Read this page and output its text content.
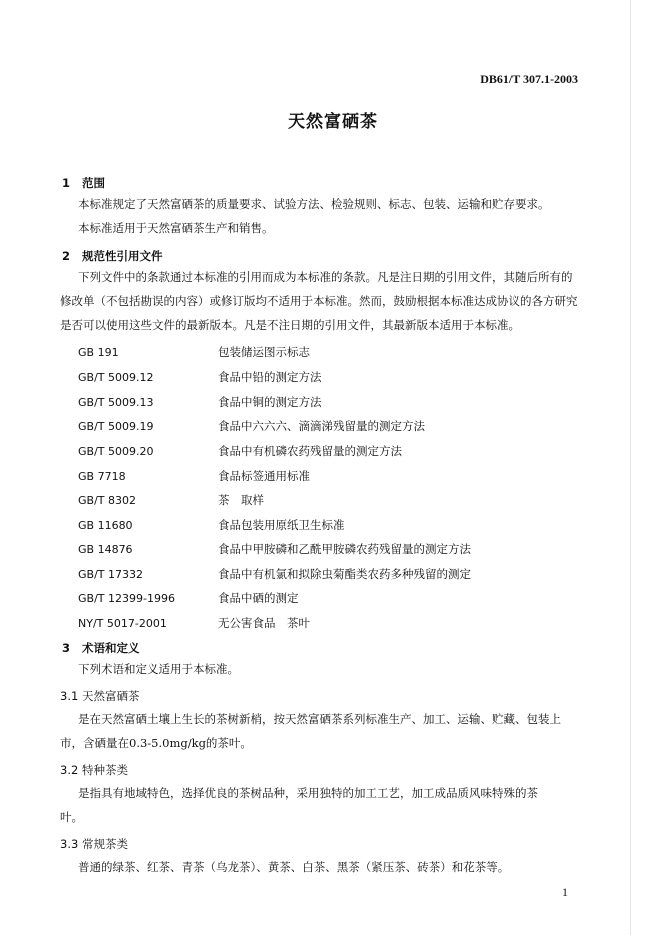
DB61/T 307.1-2003
天然富硒茶
1 范围
本标准规定了天然富硒茶的质量要求、试验方法、检验规则、标志、包装、运输和贮存要求。
本标准适用于天然富硒茶生产和销售。
2 规范性引用文件
下列文件中的条款通过本标准的引用而成为本标准的条款。凡是注日期的引用文件，其随后所有的
修改单（不包括勘误的内容）或修订版均不适用于本标准。然而，鼓励根据本标准达成协议的各方研究
是否可以使用这些文件的最新版本。凡是不注日期的引用文件，其最新版本适用于本标准。
GB 191	包装储运图示标志
GB/T 5009.12	食品中铅的测定方法
GB/T 5009.13	食品中铜的测定方法
GB/T 5009.19	食品中六六六、滴滴涕残留量的测定方法
GB/T 5009.20	食品中有机磷农药残留量的测定方法
GB 7718	食品标签通用标准
GB/T 8302	茶　取样
GB 11680	食品包装用原纸卫生标准
GB 14876	食品中甲胺磷和乙酰甲胺磷农药残留量的测定方法
GB/T 17332	食品中有机氯和拟除虫菊酯类农药多种残留的测定
GB/T 12399-1996	食品中硒的测定
NY/T 5017-2001	无公害食品　茶叶
3 术语和定义
下列术语和定义适用于本标准。
3.1 天然富硒茶
是在天然富硒土壤上生长的茶树新梢，按天然富硒茶系列标准生产、加工、运输、贮藏、包装上
市，含硒量在0.3-5.0mg/kg的茶叶。
3.2 特种茶类
是指具有地域特色，选择优良的茶树品种，采用独特的加工工艺，加工成品质风味特殊的茶
叶。
3.3 常规茶类
普通的绿茶、红茶、青茶（乌龙茶）、黄茶、白茶、黑茶（紧压茶、砖茶）和花茶等。
1
